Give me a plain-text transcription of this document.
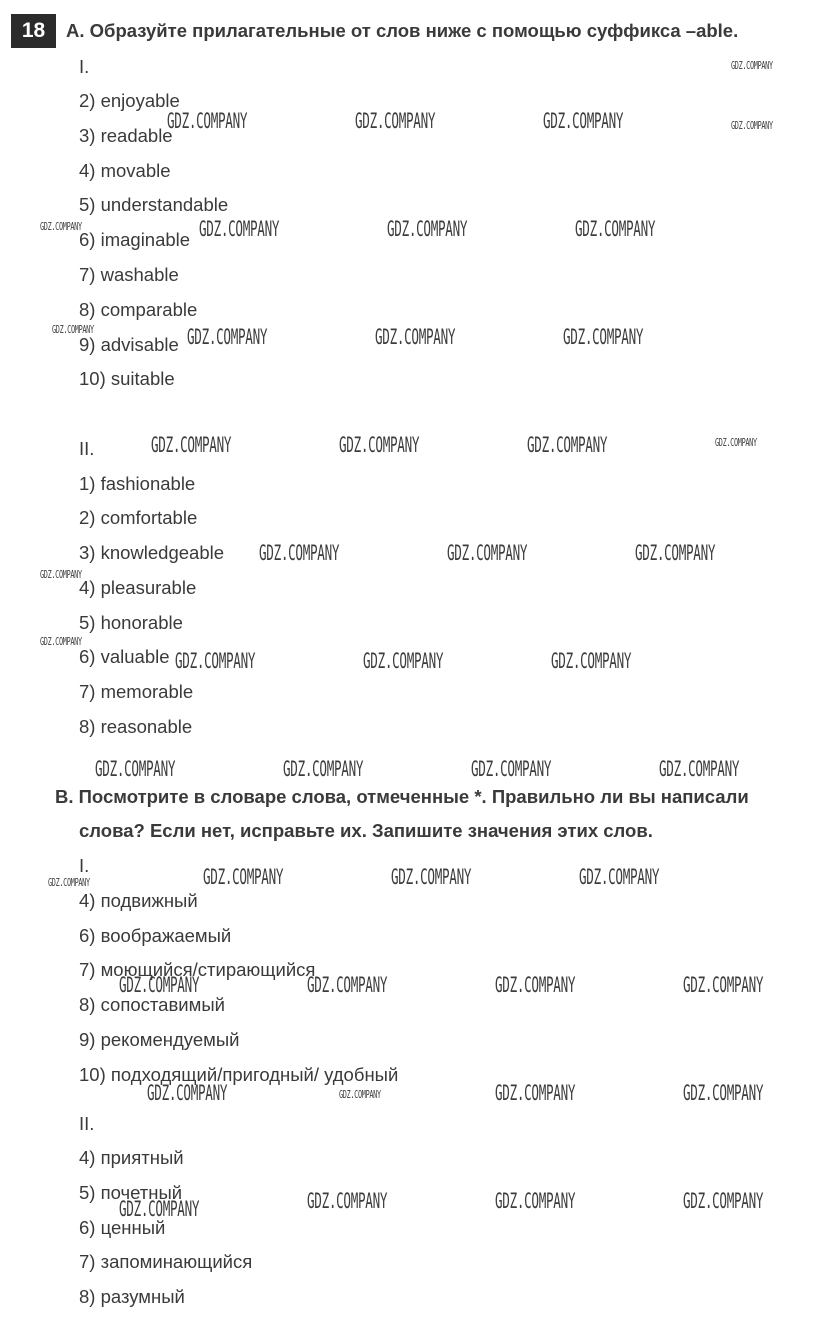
18	A. Образуйте прилагательные от слов ниже с помощью суффикса –able.
I.
2) enjoyable
3) readable
4) movable
5) understandable
6) imaginable
7) washable
8) comparable
9) advisable
10) suitable
II.
1) fashionable
2) comfortable
3) knowledgeable
4) pleasurable
5) honorable
6) valuable
7) memorable
8) reasonable
B. Посмотрите в словаре слова, отмеченные *. Правильно ли вы написали
слова? Если нет, исправьте их. Запишите значения этих слов.
I.
4) подвижный
6) воображаемый
7) моющийся/стирающийся
8) сопоставимый
9) рекомендуемый
10) подходящий/пригодный/ удобный
II.
4) приятный
5) почетный
6) ценный
7) запоминающийся
8) разумный
GDZ.COMPANY	GDZ.COMPANY	GDZ.COMPANY
GDZ.COMPANY	GDZ.COMPANY	GDZ.COMPANY
GDZ.COMPANY	GDZ.COMPANY	GDZ.COMPANY
GDZ.COMPANY	GDZ.COMPANY	GDZ.COMPANY
GDZ.COMPANY	GDZ.COMPANY	GDZ.COMPANY
GDZ.COMPANY	GDZ.COMPANY	GDZ.COMPANY
GDZ.COMPANY	GDZ.COMPANY	GDZ.COMPANY	GDZ.COMPANY
GDZ.COMPANY	GDZ.COMPANY	GDZ.COMPANY
GDZ.COMPANY	GDZ.COMPANY	GDZ.COMPANY	GDZ.COMPANY
GDZ.COMPANY	GDZ.COMPANY	GDZ.COMPANY
GDZ.COMPANY	GDZ.COMPANY	GDZ.COMPANY	GDZ.COMPANY
GDZ.COMPANY
GDZ.COMPANY
GDZ.COMPANY
GDZ.COMPANY
GDZ.COMPANY
GDZ.COMPANY
GDZ.COMPANY
GDZ.COMPANY
GDZ.COMPANY
